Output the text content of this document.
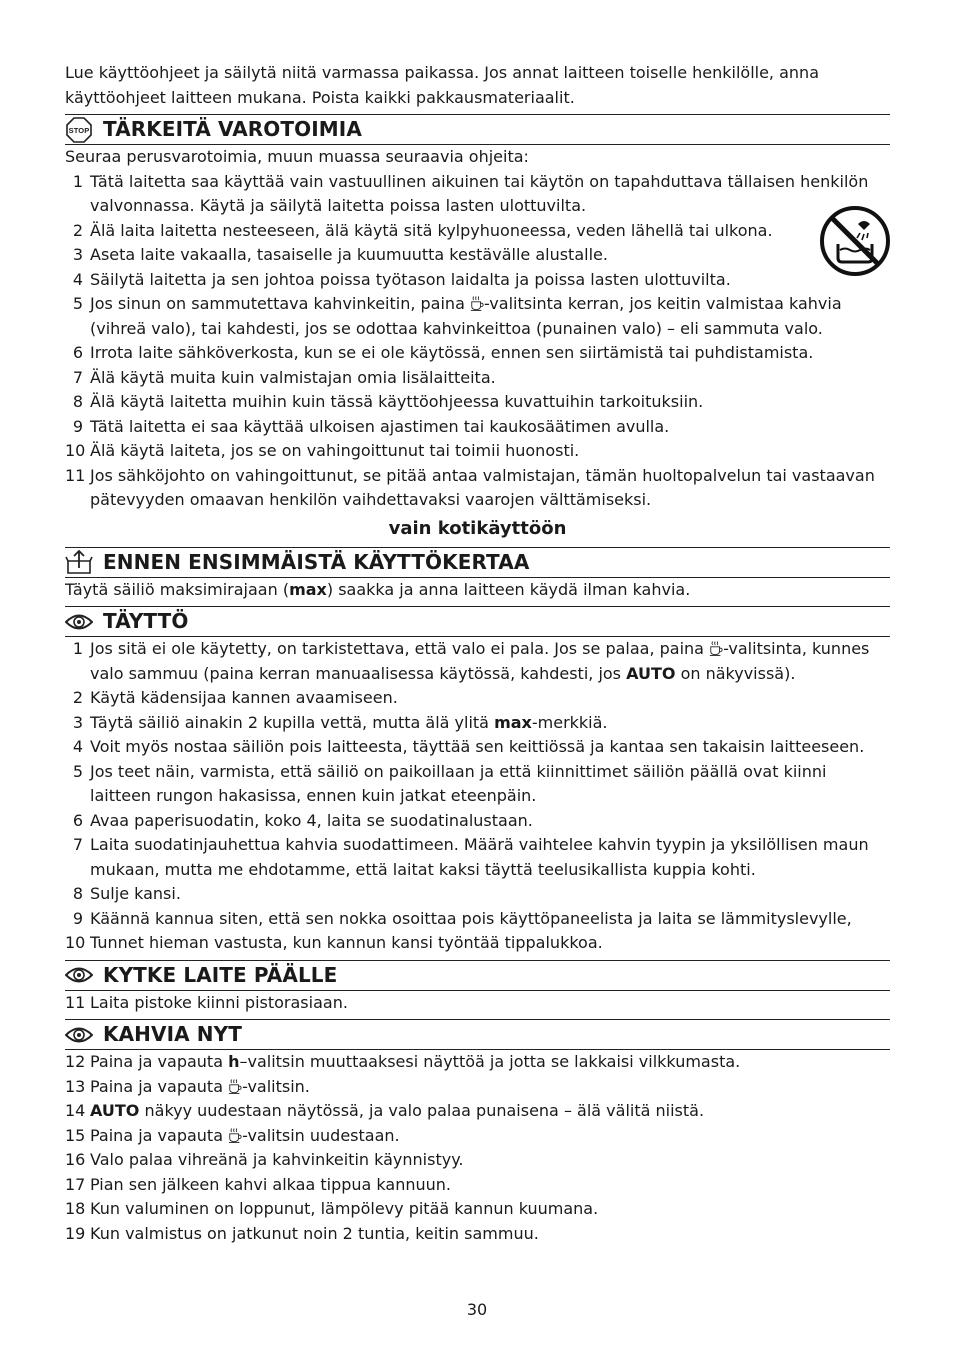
Lue käyttöohjeet ja säilytä niitä varmassa paikassa. Jos annat laitteen toiselle henkilölle, anna käyttöohjeet laitteen mukana. Poista kaikki pakkausmateriaalit.

STOP TÄRKEITÄ VAROTOIMIA

Seuraa perusvarotoimia, muun muassa seuraavia ohjeita:

1 Tätä laitetta saa käyttää vain vastuullinen aikuinen tai käytön on tapahduttava tällaisen henkilön valvonnassa. Käytä ja säilytä laitetta poissa lasten ulottuvilta.
2 Älä laita laitetta nesteeseen, älä käytä sitä kylpyhuoneessa, veden lähellä tai ulkona.
3 Aseta laite vakaalla, tasaiselle ja kuumuutta kestävälle alustalle.
4 Säilytä laitetta ja sen johtoa poissa työtason laidalta ja poissa lasten ulottuvilta.
5 Jos sinun on sammutettava kahvinkeitin, paina -valitsinta kerran, jos keitin valmistaa kahvia (vihreä valo), tai kahdesti, jos se odottaa kahvinkeittoa (punainen valo) – eli sammuta valo.
6 Irrota laite sähköverkosta, kun se ei ole käytössä, ennen sen siirtämistä tai puhdistamista.
7 Älä käytä muita kuin valmistajan omia lisälaitteita.
8 Älä käytä laitetta muihin kuin tässä käyttöohjeessa kuvattuihin tarkoituksiin.
9 Tätä laitetta ei saa käyttää ulkoisen ajastimen tai kaukosäätimen avulla.
10 Älä käytä laiteta, jos se on vahingoittunut tai toimii huonosti.
11 Jos sähköjohto on vahingoittunut, se pitää antaa valmistajan, tämän huoltopalvelun tai vastaavan pätevyyden omaavan henkilön vaihdettavaksi vaarojen välttämiseksi.
vain kotikäyttöön
ENNEN ENSIMMÄISTÄ KÄYTTÖKERTAA

Täytä säiliö maksimirajaan (max) saakka ja anna laitteen käydä ilman kahvia.

TÄYTTÖ
1 Jos sitä ei ole käytetty, on tarkistettava, että valo ei pala. Jos se palaa, paina -valitsinta, kunnes valo sammuu (paina kerran manuaalisessa käytössä, kahdesti, jos AUTO on näkyvissä).
2 Käytä kädensijaa kannen avaamiseen.
3 Täytä säiliö ainakin 2 kupilla vettä, mutta älä ylitä max-merkkiä.
4 Voit myös nostaa säiliön pois laitteesta, täyttää sen keittiössä ja kantaa sen takaisin laitteeseen.
5 Jos teet näin, varmista, että säiliö on paikoillaan ja että kiinnittimet säiliön päällä ovat kiinni laitteen rungon hakasissa, ennen kuin jatkat eteenpäin.
6 Avaa paperisuodatin, koko 4, laita se suodatinalustaan.
7 Laita suodatinjauhettua kahvia suodattimeen. Määrä vaihtelee kahvin tyypin ja yksilöllisen maun mukaan, mutta me ehdotamme, että laitat kaksi täyttä teelusikallista kuppia kohti.
8 Sulje kansi.
9 Käännä kannua siten, että sen nokka osoittaa pois käyttöpaneelista ja laita se lämmityslevylle,
10 Tunnet hieman vastusta, kun kannun kansi työntää tippalukkoa.
KYTKE LAITE PÄÄLLE
11 Laita pistoke kiinni pistorasiaan.
KAHVIA NYT
12 Paina ja vapauta h–valitsin muuttaaksesi näyttöä ja jotta se lakkaisi vilkkumasta.
13 Paina ja vapauta -valitsin.
14 AUTO näkyy uudestaan näytössä, ja valo palaa punaisena – älä välitä niistä.
15 Paina ja vapauta -valitsin uudestaan.
16 Valo palaa vihreänä ja kahvinkeitin käynnistyy.
17 Pian sen jälkeen kahvi alkaa tippua kannuun.
18 Kun valuminen on loppunut, lämpölevy pitää kannun kuumana.
19 Kun valmistus on jatkunut noin 2 tuntia, keitin sammuu.
30
